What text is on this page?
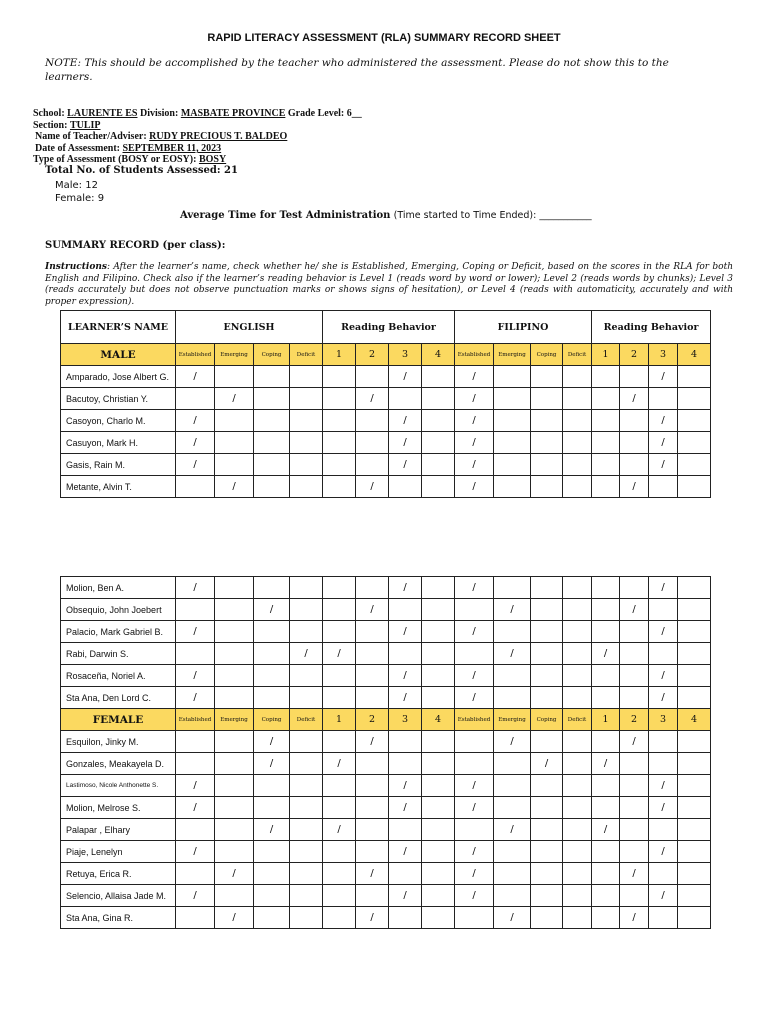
RAPID LITERACY ASSESSMENT (RLA) SUMMARY RECORD SHEET
NOTE: This should be accomplished by the teacher who administered the assessment. Please do not show this to the learners.
School: LAURENTE ES Division: MASBATE PROVINCE Grade Level: 6__
Section: TULIP
Name of Teacher/Adviser: RUDY PRECIOUS T. BALDEO
Date of Assessment: SEPTEMBER 11, 2023
Type of Assessment (BOSY or EOSY): BOSY
Total No. of Students Assessed: 21
Male: 12
Female: 9
Average Time for Test Administration (Time started to Time Ended): ___________
SUMMARY RECORD (per class):
Instructions: After the learner’s name, check whether he/ she is Established, Emerging, Coping or Deficit, based on the scores in the RLA for both English and Filipino. Check also if the learner’s reading behavior is Level 1 (reads word by word or lower); Level 2 (reads words by chunks); Level 3 (reads accurately but does not observe punctuation marks or shows signs of hesitation), or Level 4 (reads with automaticity, accurately and with proper expression).
LEARNER’S NAME	ENGLISH				Reading Behavior				FILIPINO				Reading Behavior			
MALE	Established	Emerging	Coping	Deficit	1	2	3	4	Established	Emerging	Coping	Deficit	1	2	3	4
Amparado, Jose Albert G.	/						/		/						/	
Bacutoy, Christian Y.		/				/			/					/		
Casoyon, Charlo M.	/						/		/						/	
Casuyon, Mark H.	/						/		/						/	
Gasis, Rain M.	/						/		/						/	
Metante, Alvin T.		/				/			/					/		
Molion, Ben A.	/						/		/						/	
Obsequio, John Joebert			/			/				/				/		
Palacio, Mark Gabriel B.	/						/		/						/	
Rabi, Darwin S.				/	/					/			/			
Rosaceña, Noriel A.	/						/		/						/	
Sta Ana, Den Lord C.	/						/		/						/	
FEMALE	Established	Emerging	Coping	Deficit	1	2	3	4	Established	Emerging	Coping	Deficit	1	2	3	4
Esquilon, Jinky M.			/			/				/				/		
Gonzales, Meakayela D.			/		/						/		/			
Lastimoso, Nicole Anthonette S.	/						/		/						/	
Molion, Melrose S.	/						/		/						/	
Palapar , Elhary			/		/					/			/			
Piaje, Lenelyn	/						/		/						/	
Retuya, Erica R.		/				/			/					/		
Selencio, Allaisa Jade M.	/						/		/						/	
Sta Ana, Gina R.		/				/				/				/		
